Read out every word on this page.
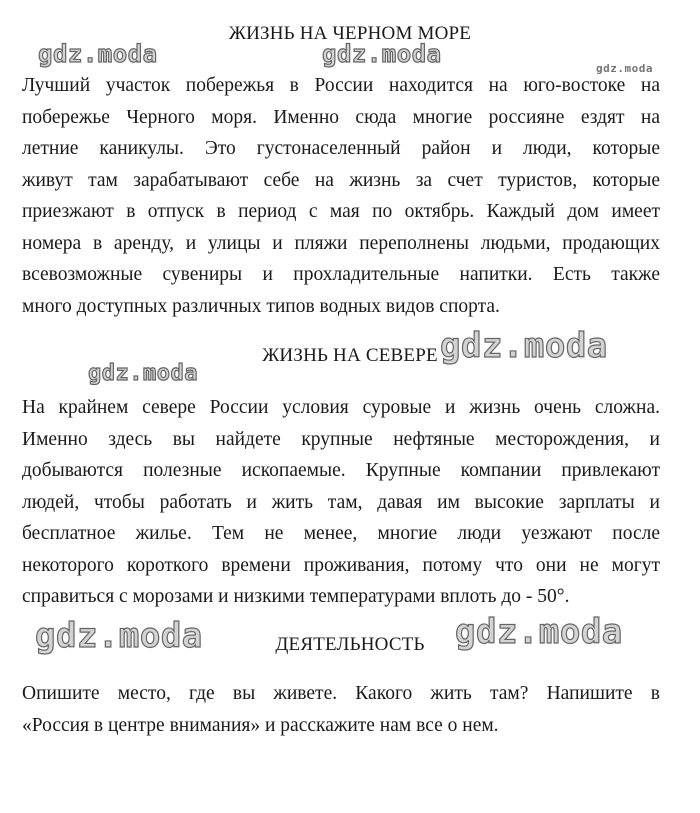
ЖИЗНЬ НА ЧЕРНОМ МОРЕ
Лучший участок побережья в России находится на юго-востоке на
побережье Черного моря. Именно сюда многие россияне ездят на
летние каникулы. Это густонаселенный район и люди, которые
живут там зарабатывают себе на жизнь за счет туристов, которые
приезжают в отпуск в период с мая по октябрь. Каждый дом имеет
номера в аренду, и улицы и пляжи переполнены людьми, продающих
всевозможные сувениры и прохладительные напитки. Есть также
много доступных различных типов водных видов спорта.
ЖИЗНЬ НА СЕВЕРЕ
На крайнем севере России условия суровые и жизнь очень сложна.
Именно здесь вы найдете крупные нефтяные месторождения, и
добываются полезные ископаемые. Крупные компании привлекают
людей, чтобы работать и жить там, давая им высокие зарплаты и
бесплатное жилье. Тем не менее, многие люди уезжают после
некоторого короткого времени проживания, потому что они не могут
справиться с морозами и низкими температурами вплоть до - 50°.
ДЕЯТЕЛЬНОСТЬ
Опишите место, где вы живете. Какого жить там? Напишите в
«Россия в центре внимания» и расскажите нам все о нем.
gdz.moda	gdz.moda
gdz.moda
gdz.moda
gdz.moda
gdz.moda	gdz.moda
